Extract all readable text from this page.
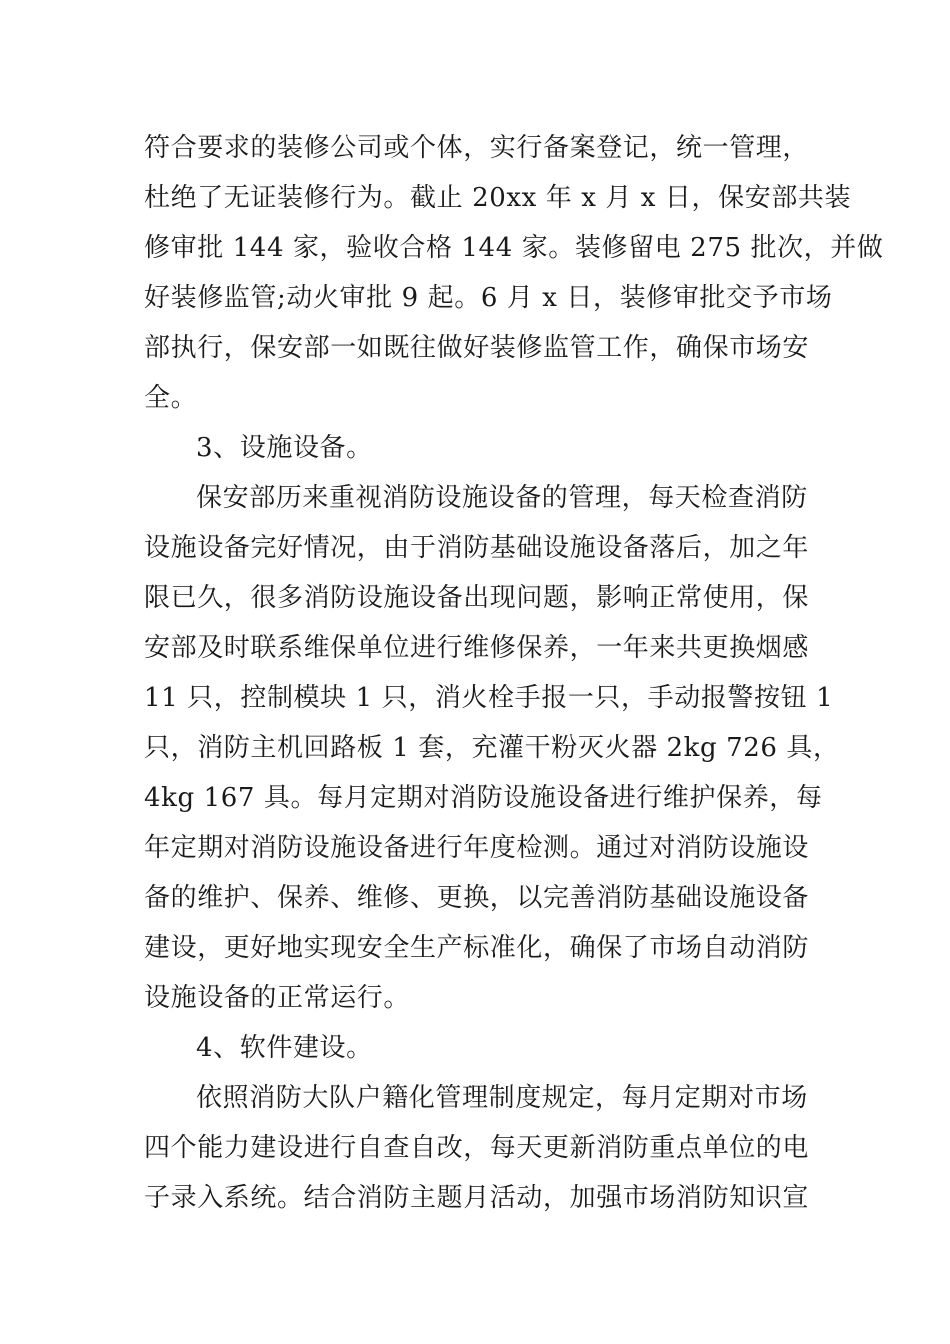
符合要求的装修公司或个体，实行备案登记，统一管理，
杜绝了无证装修行为。截止 20xx 年 x 月 x 日，保安部共装
修审批 144 家，验收合格 144 家。装修留电 275 批次，并做
好装修监管;动火审批 9 起。6 月 x 日，装修审批交予市场
部执行，保安部一如既往做好装修监管工作，确保市场安
全。
3、设施设备。
保安部历来重视消防设施设备的管理，每天检查消防
设施设备完好情况，由于消防基础设施设备落后，加之年
限已久，很多消防设施设备出现问题，影响正常使用，保
安部及时联系维保单位进行维修保养，一年来共更换烟感
11 只，控制模块 1 只，消火栓手报一只，手动报警按钮 1
只，消防主机回路板 1 套，充灌干粉灭火器 2kg 726 具，
4kg 167 具。每月定期对消防设施设备进行维护保养，每
年定期对消防设施设备进行年度检测。通过对消防设施设
备的维护、保养、维修、更换，以完善消防基础设施设备
建设，更好地实现安全生产标准化，确保了市场自动消防
设施设备的正常运行。
4、软件建设。
依照消防大队户籍化管理制度规定，每月定期对市场
四个能力建设进行自查自改，每天更新消防重点单位的电
子录入系统。结合消防主题月活动，加强市场消防知识宣
